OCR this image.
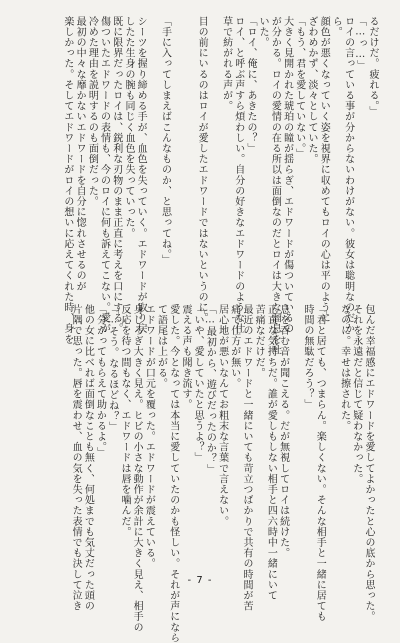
るだけだ。疲れる。」
「…っ…」
ロイの言っている事が分からないわけがない。彼女は聡明なのだか
ら。
顔色が悪くなっていく姿を視界に収めてもロイの心は平のように
ざわめかず、淡々としていた。
「もう、君を愛していない。」
大きく見開かれた琥珀の瞳が揺らぎ、エドワードが傷ついているの
が分かる。ロイの愛情の在る所以は面倒なのだとロイは大きな溜息を吐
いた。
「ロイ、俺に、あきたの？」
ロイ、と呼ぶ声すら煩わしい。自分の好きなエドワードのような仕
草で紡がれる声が。

目の前にいるのはロイが愛したエドワードではないというのに。

「手に入ってしまえばこんなものか、と思ってね。」

シーツを握り締める手が、血色を失っていく。エドワードが取り戻
したた生身の腕も同じく血色を失っていった。
既に限界だったロイは、鋭利な刃物のまま正直に考えを口にする。
傷ついたエドワードの表情も、今のロイに何も訴えてこない。愛が
冷めた理由を説明するのも面倒だった。
最初の中々な靡かないエドワードを自分に惚れさせるのが
楽しかった。そしてエドワードがロイの想いに応えてくれた時、身を
包んだ幸福感にエドワードを愛してよかったと心の底から思った。
それを永遠だと信じて疑わなかった。
なのに。幸せは擦された。

「君と居ても、つまらん。楽しくない。そんな相手と一緒に居ても
時間の無駄だろう？」

息を呑む音が聞こえる。だが無視してロイは続けた。
正直な気持ちだ。誰が愛しもしない相手と四六時中一緒にいて
苦痛なだけだ。
最近のエドワードと一緒にいても苛立つばかりで共有の時間が苦
痛で仕方が無い。
居心地が悪いなんてお粗末な言葉で言えない。
「…最初から、遊びだったのか？」
「いや、愛していたと思うよ？」
震える声も聞き流す。
愛した。今となっては本当に愛していたのかも怪しい。それが声になら
て語尾は上がる。
エドワードが口元を覆った。エドワードが震えている。
身じろぎ大きく見え。ヒビの小さな動作が余計に大きく見え、相手の
反応を待つ間もなく、エドワードは唇を噛んだ。
「…そう。なるほどね？」
「分かってもらえて助かるよ。」
他の女に比べれば面倒なことも無く、何処までも気丈だった頭の
片隅で思った。唇を震わせ、血の気を失った表情でも決して泣き	- 7 -
